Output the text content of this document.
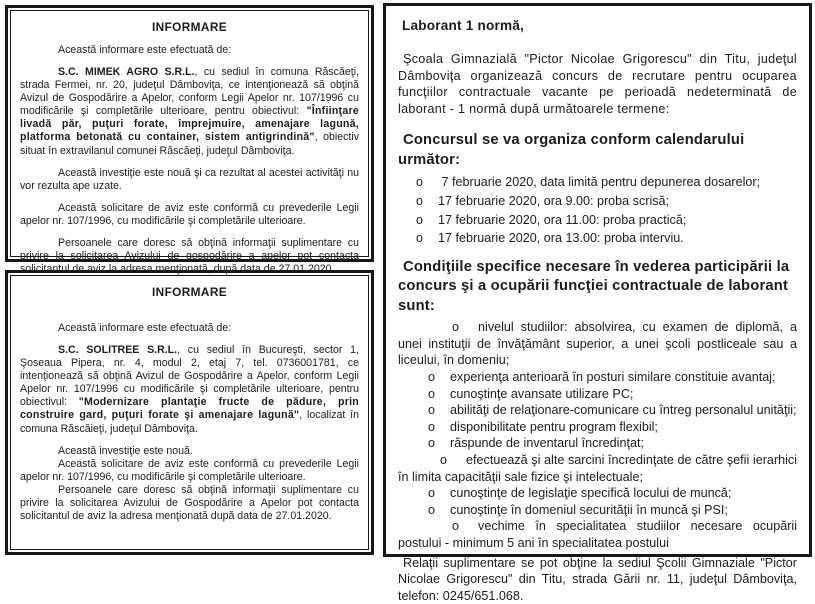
INFORMARE

Această informare este efectuată de:

S.C. MIMEK AGRO S.R.L., cu sediul în comuna Răscăeţi, strada Fermei, nr. 20, judeţul Dâmboviţa, ce intenţionează să obţină Avizul de Gospodărire a Apelor, conform Legii Apelor nr. 107/1996 cu modificările şi completările ulterioare, pentru obiectivul: "Înfiinţare livadă păr, puţuri forate, împrejmuire, amenajare lagună, platforma betonată cu container, sistem antigrindină", obiectiv situat în extravilanul comunei Răscăeţi, judeţul Dâmboviţa.

Această investiţie este nouă şi ca rezultat al acestei activităţi nu vor rezulta ape uzate.

Această solicitare de aviz este conformă cu prevederile Legii apelor nr. 107/1996, cu modificările şi completările ulterioare.

Persoanele care doresc să obţină informaţii suplimentare cu privire la solicitarea Avizului de gospodărire a apelor pot contacta solicitantul de aviz la adresa menţionată, după data de 27.01.2020.

INFORMARE

Această informare este efectuată de:

S.C. SOLITREE S.R.L., cu sediul în Bucureşti, sector 1, Şoseaua Pipera, nr. 4, modul 2, etaj 7, tel. 0736001781, ce intenţionează să obţină Avizul de Gospodărire a Apelor, conform Legii Apelor nr. 107/1996 cu modificările şi completările ulterioare, pentru obiectivul: "Modernizare plantaţie fructe de pădure, prin construire gard, puţuri forate şi amenajare lagună", localizat în comuna Răscăieţi, judeţul Dâmboviţa.

Această investiţie este nouă.

Această solicitare de aviz este conformă cu prevederile Legii apelor nr. 107/1996, cu modificările şi completările ulterioare.

Persoanele care doresc să obţină informaţii suplimentare cu privire la solicitarea Avizului de Gospodărire a Apelor pot contacta solicitantul de aviz la adresa menţionată după data de 27.01.2020.

Laborant 1 normă,

Şcoala Gimnazială "Pictor Nicolae Grigorescu" din Titu, judeţul Dâmboviţa organizează concurs de recrutare pentru ocuparea funcţiilor contractuale vacante pe perioadă nedeterminată de laborant - 1 normă după următoarele termene:

Concursul se va organiza conform calendarului următor:

o 7 februarie 2020, data limită pentru depunerea dosarelor;

o 17 februarie 2020, ora 9.00: proba scrisă;

o 17 februarie 2020, ora 11.00: proba practică;

o 17 februarie 2020, ora 13.00: proba interviu.

Condiţiile specifice necesare în vederea participării la concurs şi a ocupării funcţiei contractuale de laborant sunt:

o nivelul studiilor: absolvirea, cu examen de diplomă, a unei instituţii de învăţământ superior, a unei şcoli postliceale sau a liceului, în domeniu;

o experienţa anterioară în posturi similare constituie avantaj;

o cunoştinţe avansate utilizare PC;

o abilităţi de relaţionare-comunicare cu întreg personalul unităţii;

o disponibilitate pentru program flexibil;

o răspunde de inventarul încredinţat;

o efectuează şi alte sarcini încredinţate de către şefii ierarhici în limita capacităţii sale fizice şi intelectuale;

o cunoştinţe de legislaţie specifică locului de muncă;

o cunoştinţe în domeniul securităţii în muncă şi PSI;

o vechime în specialitatea studiilor necesare ocupării postului - minimum 5 ani în specialitatea postului

Relaţii suplimentare se pot obţine la sediul Şcolii Gimnaziale "Pictor Nicolae Grigorescu" din Titu, strada Gării nr. 11, judeţul Dâmboviţa, telefon: 0245/651.068.
